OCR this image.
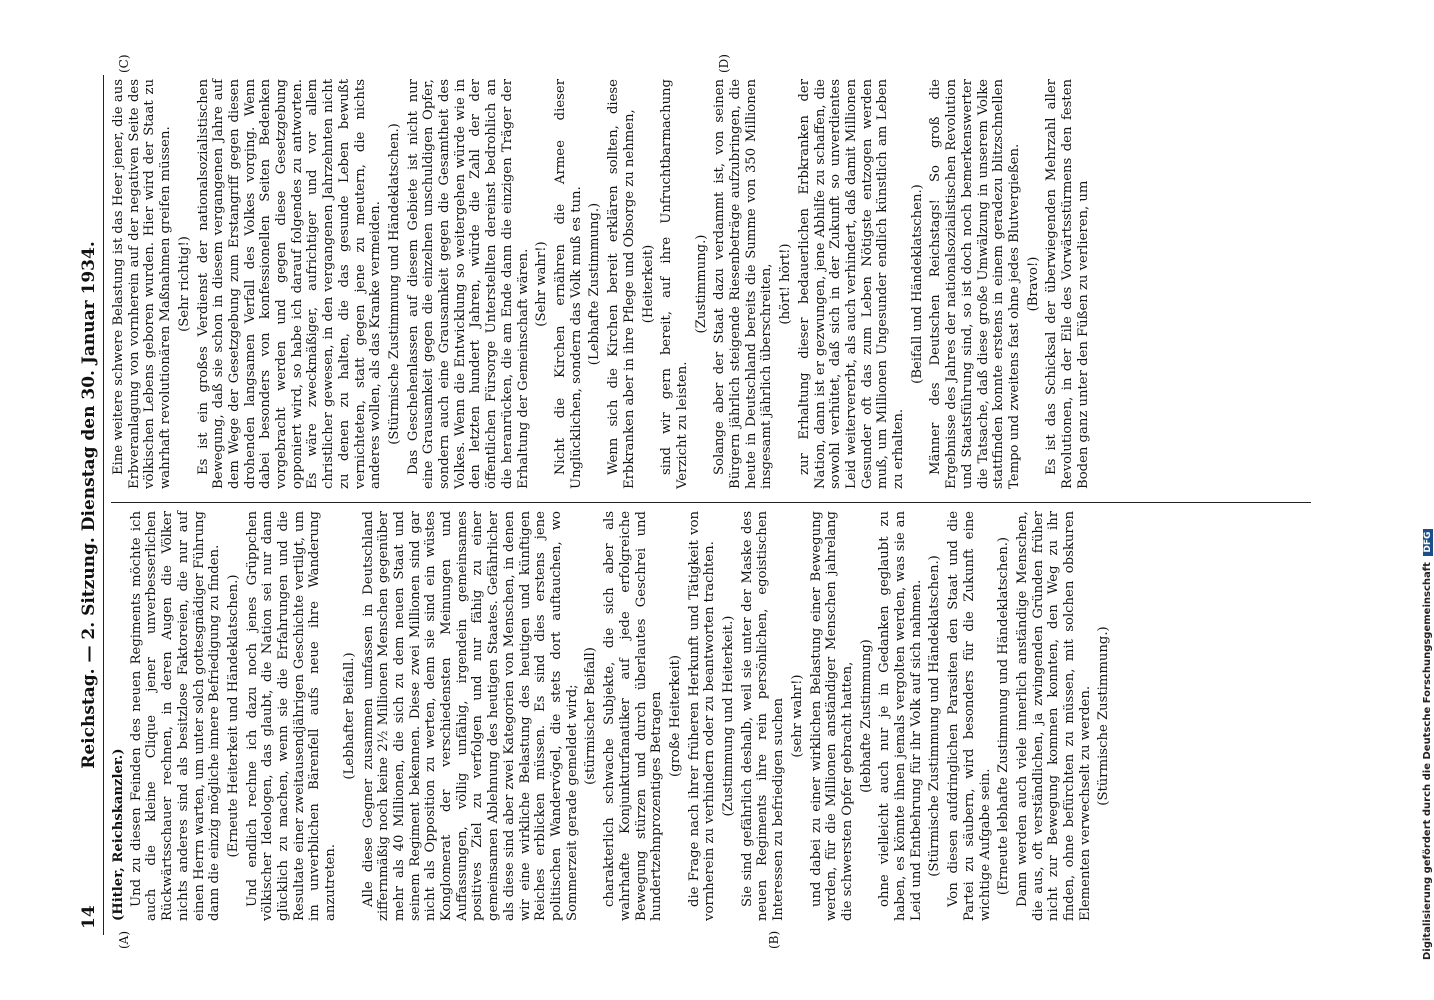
14
Reichstag. — 2. Sitzung. Dienstag den 30. Januar 1934.

(Hitler, Reichskanzler.) Und zu diesen Feinden des neuen Regiments möchte ich auch die kleine Clique jener unverbesserlichen Rückwärtsschauer rechnen, in deren Augen die Völker nichts anderes sind als besitzlose Faktoreien, die nur auf einen Herrn warten, um unter solch gottesgnädiger Führung dann die einzig mögliche innere Befriedigung zu finden. (Erneute Heiterkeit und Händeklatschen.) Und endlich rechne ich dazu noch jenes Grüppchen völkischer Ideologen, das glaubt, die Nation sei nur dann glücklich zu machen, wenn sie die Erfahrungen und die Resultate einer zweitausendjährigen Geschichte vertilgt, um im unverblichen Bärenfell aufs neue ihre Wanderung anzutreten.

(Lebhafter Beifall.) Alle diese Gegner zusammen umfassen in Deutschland ziffernmäßig noch keine 2½ Millionen Menschen gegenüber mehr als 40 Millionen, die sich zu dem neuen Staat und seinem Regiment bekennen. Diese zwei Millionen sind gar nicht als Opposition zu werten, denn sie sind ein wüstes Konglomerat der verschiedensten Meinungen und Auffassungen, völlig unfähig, irgendein gemeinsames positives Ziel zu verfolgen und nur fähig zu einer gemeinsamen Ablehnung des heutigen Staates. Gefährlicher als diese sind aber zwei Kategorien von Menschen, in denen wir eine wirkliche Belastung des heutigen und künftigen Reiches erblicken müssen. Es sind dies erstens jene politischen Wandervögel, die stets dort auftauchen, wo Sommerzeit gerade gemeldet wird; (stürmischer Beifall) charakterlich schwache Subjekte, die sich aber als wahrhafte Konjunkturfanatiker auf jede erfolgreiche Bewegung stürzen und durch überlautes Geschrei und hundertzehnprozentiges Betragen (große Heiterkeit) die Frage nach ihrer früheren Herkunft und Tätigkeit von vornherein zu verhindern oder zu beantworten trachten. (Zustimmung und Heiterkeit.) Sie sind gefährlich deshalb, weil sie unter der Maske des neuen Regiments ihre rein persönlichen, egoistischen Interessen zu befriedigen suchen (sehr wahr!) und dabei zu einer wirklichen Belastung einer Bewegung werden, für die Millionen anständiger Menschen jahrelang die schwersten Opfer gebracht hatten, (lebhafte Zustimmung) ohne vielleicht auch nur je in Gedanken geglaubt zu haben, es könnte ihnen jemals vergolten werden, was sie an Leid und Entbehrung für ihr Volk auf sich nahmen. (Stürmische Zustimmung und Händeklatschen.) Von diesen aufdringlichen Parasiten den Staat und die Partei zu säubern, wird besonders für die Zukunft eine wichtige Aufgabe sein. (Erneute lebhafte Zustimmung und Händeklatschen.) Dann werden auch viele innerlich anständige Menschen, die aus, oft verständlichen, ja zwingenden Gründen früher nicht zur Bewegung kommen konnten, den Weg zu ihr finden, ohne befürchten zu müssen, mit solchen obskuren Elementen verwechselt zu werden. (Stürmische Zustimmung.)

Eine weitere schwere Belastung ist das Heer jener, die aus Erbveranlagung von vornherein auf der negativen Seite des völkischen Lebens geboren wurden. Hier wird der Staat zu wahrhaft revolutionären Maßnahmen greifen müssen. (Sehr richtig!) Es ist ein großes Verdienst der nationalsozialistischen Bewegung, daß sie schon in diesem vergangenen Jahre auf dem Wege der Gesetzgebung zum Erstangriff gegen diesen drohenden langsamen Verfall des Volkes vorging. Wenn dabei besonders von konfessionellen Seiten Bedenken vorgebracht werden und gegen diese Gesetzgebung opponiert wird, so habe ich darauf folgendes zu antworten. Es wäre zweckmäßiger, aufrichtiger und vor allem christlicher gewesen, in den vergangenen Jahrzehnten nicht zu denen zu halten, die das gesunde Leben bewußt vernichteten, statt gegen jene zu meutern, die nichts anderes wollen, als das Kranke vermeiden. (Stürmische Zustimmung und Händeklatschen.) Das Geschehenlassen auf diesem Gebiete ist nicht nur eine Grausamkeit gegen die einzelnen unschuldigen Opfer, sondern auch eine Grausamkeit gegen die Gesamtheit des Volkes. Wenn die Entwicklung so weitergehen würde wie in den letzten hundert Jahren, würde die Zahl der der öffentlichen Fürsorge Unterstellten dereinst bedrohlich an die heranrücken, die am Ende dann die einzigen Träger der Erhaltung der Gemeinschaft wären. (Sehr wahr!) Nicht die Kirchen ernähren die Armee dieser Unglücklichen, sondern das Volk muß es tun. (Lebhafte Zustimmung.) Wenn sich die Kirchen bereit erklären sollten, diese Erbkranken aber in ihre Pflege und Obsorge zu nehmen, (Heiterkeit) sind wir gern bereit, auf ihre Unfruchtbarmachung Verzicht zu leisten.

(Zustimmung.) Solange aber der Staat dazu verdammt ist, von seinen Bürgern jährlich steigende Riesenbeträge aufzubringen, die heute in Deutschland bereits die Summe von 350 Millionen insgesamt jährlich überschreiten, (hört! hört!) zur Erhaltung dieser bedauerlichen Erbkranken der Nation, dann ist er gezwungen, jene Abhilfe zu schaffen, die sowohl verhütet, daß sich in der Zukunft so unverdientes Leid weitervererbt, als auch verhindert, daß damit Millionen Gesunder oft das zum Leben Nötigste entzogen werden muß, um Millionen Ungesunder endlich künstlich am Leben zu erhalten.

(Beifall und Händeklatschen.) Männer des Deutschen Reichstags! So groß die Ergebnisse des Jahres der nationalsozialistischen Revolution und Staatsführung sind, so ist doch noch bemerkenswerter die Tatsache, daß diese große Umwälzung in unserem Volke stattfinden konnte erstens in einem geradezu blitzschnellen Tempo und zweitens fast ohne jedes Blutvergießen. (Bravo!) Es ist das Schicksal der überwiegenden Mehrzahl aller Revolutionen, in der Eile des Vorwärtsstürmens den festen Boden ganz unter den Füßen zu verlieren, um

(A)	(B)
(C)	(D)
Digitalisierung gefördert durch die Deutsche Forschungsgemeinschaft DFG
